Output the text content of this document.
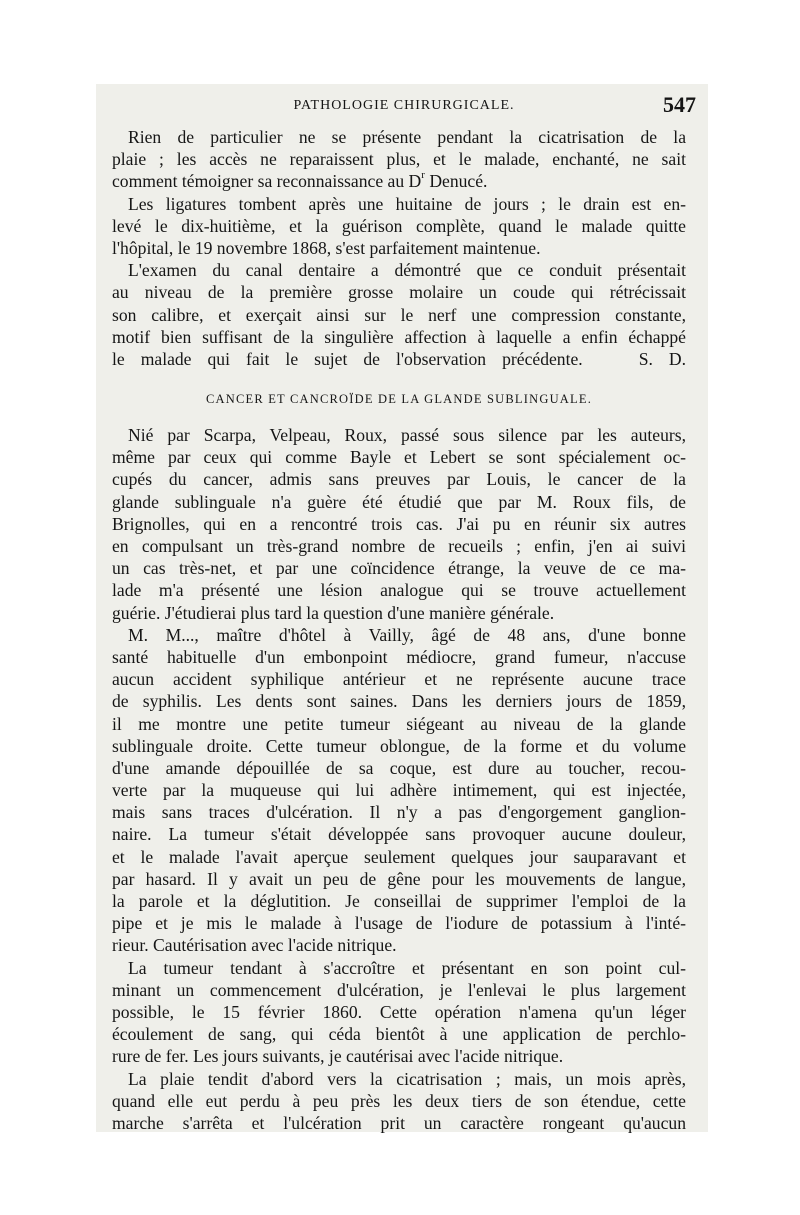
PATHOLOGIE CHIRURGICALE.	547
Rien de particulier ne se présente pendant la cicatrisation de la
plaie ; les accès ne reparaissent plus, et le malade, enchanté, ne sait
comment témoigner sa reconnaissance au $D^r$ Denucé.
Les ligatures tombent après une huitaine de jours ; le drain est en-
levé le dix-huitième, et la guérison complète, quand le malade quitte
l'hôpital, le 19 novembre 1868, s'est parfaitement maintenue.
L'examen du canal dentaire a démontré que ce conduit présentait
au niveau de la première grosse molaire un coude qui rétrécissait
son calibre, et exerçait ainsi sur le nerf une compression constante,
motif bien suffisant de la singulière affection à laquelle a enfin échappé
le malade qui fait le sujet de l'observation précédente.	S. D.
CANCER ET CANCROÏDE DE LA GLANDE SUBLINGUALE.
Nié par Scarpa, Velpeau, Roux, passé sous silence par les auteurs,
même par ceux qui comme Bayle et Lebert se sont spécialement oc-
cupés du cancer, admis sans preuves par Louis, le cancer de la
glande sublinguale n'a guère été étudié que par M. Roux fils, de
Brignolles, qui en a rencontré trois cas. J'ai pu en réunir six autres
en compulsant un très-grand nombre de recueils ; enfin, j'en ai suivi
un cas très-net, et par une coïncidence étrange, la veuve de ce ma-
lade m'a présenté une lésion analogue qui se trouve actuellement
guérie. J'étudierai plus tard la question d'une manière générale.
M. M..., maître d'hôtel à Vailly, âgé de 48 ans, d'une bonne
santé habituelle d'un embonpoint médiocre, grand fumeur, n'accuse
aucun accident syphilique antérieur et ne représente aucune trace
de syphilis. Les dents sont saines. Dans les derniers jours de 1859,
il me montre une petite tumeur siégeant au niveau de la glande
sublinguale droite. Cette tumeur oblongue, de la forme et du volume
d'une amande dépouillée de sa coque, est dure au toucher, recou-
verte par la muqueuse qui lui adhère intimement, qui est injectée,
mais sans traces d'ulcération. Il n'y a pas d'engorgement ganglion-
naire. La tumeur s'était développée sans provoquer aucune douleur,
et le malade l'avait aperçue seulement quelques jour sauparavant et
par hasard. Il y avait un peu de gêne pour les mouvements de langue,
la parole et la déglutition. Je conseillai de supprimer l'emploi de la
pipe et je mis le malade à l'usage de l'iodure de potassium à l'inté-
rieur. Cautérisation avec l'acide nitrique.
La tumeur tendant à s'accroître et présentant en son point cul-
minant un commencement d'ulcération, je l'enlevai le plus largement
possible, le 15 février 1860. Cette opération n'amena qu'un léger
écoulement de sang, qui céda bientôt à une application de perchlo-
rure de fer. Les jours suivants, je cautérisai avec l'acide nitrique.
La plaie tendit d'abord vers la cicatrisation ; mais, un mois après,
quand elle eut perdu à peu près les deux tiers de son étendue, cette
marche s'arrêta et l'ulcération prit un caractère rongeant qu'aucun
